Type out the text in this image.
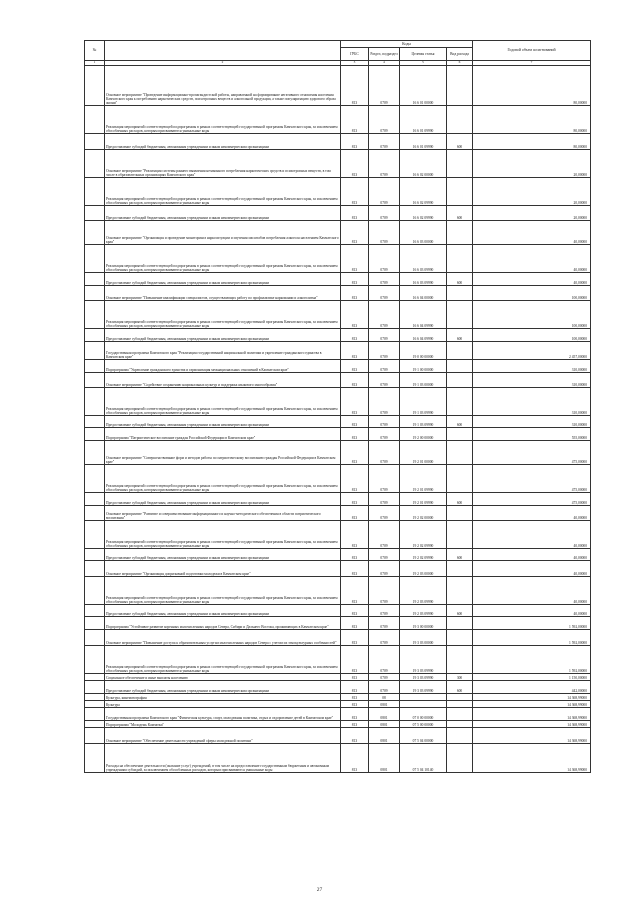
№		Коды				Годовой объем ассигнований
		ГРБС	Раздел, подраздел	Целевая статья	Вид расхода	
1	2	3	4	5	6	7
	Основное мероприятие "Проведение информационно-пропагандистской работы, направленной на формирование негативного отношения населения Камчатского края к потреблению наркотических средств, психотропных веществ и алкогольной продукции, а также популяризацию здорового образа жизни"	813	0709	16 6 01 00000		80,00000
	Реализация мероприятий соответствующей подпрограммы в рамках соответствующей государственной программы Камчатского края, за исключением обособленных расходов, которым присваиваются уникальные коды	813	0709	16 6 01 09990		80,00000
	Предоставление субсидий бюджетным, автономным учреждениям и иным некоммерческим организациям	813	0709	16 6 01 09990	600	80,00000
	Основное мероприятие "Реализация системы раннего выявления незаконного потребления наркотических средств и психотропных веществ, в том числе в образовательных организациях Камчатского края"	813	0709	16 6 02 00000		20,00000
	Реализация мероприятий соответствующей подпрограммы в рамках соответствующей государственной программы Камчатского края, за исключением обособленных расходов, которым присваиваются уникальные коды	813	0709	16 6 02 09990		20,00000
	Предоставление субсидий бюджетным, автономным учреждениям и иным некоммерческим организациям	813	0709	16 6 02 09990	600	20,00000
	Основное мероприятие "Организация и проведение мониторинга наркоситуации и изучения масштабов потребления алкоголя населением Камчатского края"	813	0709	16 6 03 00000		40,00000
	Реализация мероприятий соответствующей подпрограммы в рамках соответствующей государственной программы Камчатского края, за исключением обособленных расходов, которым присваиваются уникальные коды	813	0709	16 6 03 09990		40,00000
	Предоставление субсидий бюджетным, автономным учреждениям и иным некоммерческим организациям	813	0709	16 6 03 09990	600	40,00000
	Основное мероприятие "Повышение квалификации специалистов, осуществляющих работу по профилактике наркомании и алкоголизма"	813	0709	16 6 04 00000		100,00000
	Реализация мероприятий соответствующей подпрограммы в рамках соответствующей государственной программы Камчатского края, за исключением обособленных расходов, которым присваиваются уникальные коды	813	0709	16 6 04 09990		100,00000
	Предоставление субсидий бюджетным, автономным учреждениям и иным некоммерческим организациям	813	0709	16 6 04 09990	600	100,00000
	Государственная программа Камчатского края "Реализация государственной национальной политики и укрепление гражданского единства в Камчатском крае"	813	0709	19 0 00 00000		2 457,00000
	Подпрограмма "Укрепление гражданского единства и гармонизация межнациональных отношений в Камчатском крае"	813	0709	19 1 00 00000		310,00000
	Основное мероприятие "Содействие сохранению национальных культур и поддержка языкового многообразия"	813	0709	19 1 03 00000		310,00000
	Реализация мероприятий соответствующей подпрограммы в рамках соответствующей государственной программы Камчатского края, за исключением обособленных расходов, которым присваиваются уникальные коды	813	0709	19 1 03 09990		310,00000
	Предоставление субсидий бюджетным, автономным учреждениям и иным некоммерческим организациям	813	0709	19 1 03 09990	600	310,00000
	Подпрограмма "Патриотическое воспитание граждан Российской Федерации в Камчатском крае"	813	0709	19 2 00 00000		555,00000
	Основное мероприятие "Совершенствование форм и методов работы по патриотическому воспитанию граждан Российской Федерации в Камчатском крае"	813	0709	19 2 01 00000		475,00000
	Реализация мероприятий соответствующей подпрограммы в рамках соответствующей государственной программы Камчатского края, за исключением обособленных расходов, которым присваиваются уникальные коды	813	0709	19 2 01 09990		475,00000
	Предоставление субсидий бюджетным, автономным учреждениям и иным некоммерческим организациям	813	0709	19 2 01 09990	600	475,00000
	Основное мероприятие "Развитие и совершенствование информационного и научно-методического обеспечения в области патриотического воспитания"	813	0709	19 2 02 00000		40,00000
	Реализация мероприятий соответствующей подпрограммы в рамках соответствующей государственной программы Камчатского края, за исключением обособленных расходов, которым присваиваются уникальные коды	813	0709	19 2 02 09990		40,00000
	Предоставление субсидий бюджетным, автономным учреждениям и иным некоммерческим организациям	813	0709	19 2 02 09990	600	40,00000
	Основное мероприятие "Организация допризывной подготовки молодежи в Камчатском крае"	813	0709	19 2 03 00000		40,00000
	Реализация мероприятий соответствующей подпрограммы в рамках соответствующей государственной программы Камчатского края, за исключением обособленных расходов, которым присваиваются уникальные коды	813	0709	19 2 03 09990		40,00000
	Предоставление субсидий бюджетным, автономным учреждениям и иным некоммерческим организациям	813	0709	19 2 03 09990	600	40,00000
	Подпрограмма "Устойчивое развитие коренных малочисленных народов Севера, Сибири и Дальнего Востока, проживающих в Камчатском крае"	813	0709	19 3 00 00000		1 592,00000
	Основное мероприятие "Повышение доступа к образовательным услугам малочисленных народов Севера с учетом их этнокультурных особенностей"	813	0709	19 3 03 00000		1 592,00000
	Реализация мероприятий соответствующей подпрограммы в рамках соответствующей государственной программы Камчатского края, за исключением обособленных расходов, которым присваиваются уникальные коды	813	0709	19 3 03 09990		1 592,00000
	Социальное обеспечение и иные выплаты населению	813	0709	19 3 03 09990	300	1 150,00000
	Предоставление субсидий бюджетным, автономным учреждениям и иным некоммерческим организациям	813	0709	19 3 03 09990	600	442,00000
	Культура, кинематография	813	08			14 368,99000
	Культура	813	0801			14 368,99000
	Государственная программа Камчатского края "Физическая культура, спорт, молодежная политика, отдых и оздоровление детей в Камчатском крае"	813	0801	07 0 00 00000		14 368,99000
	Подпрограмма "Молодежь Камчатки"	813	0801	07 5 00 00000		14 368,99000
	Основное мероприятие "Обеспечение деятельности учреждений сферы молодежной политики"	813	0801	07 5 04 00000		14 368,99000
	Расходы на обеспечение деятельности (оказание услуг) учреждений, в том числе на предоставление государственным бюджетным и автономным учреждениям субсидий, за исключением обособленных расходов, которым присваиваются уникальные коды	813	0801	07 5 04 10140		14 368,99000
27
